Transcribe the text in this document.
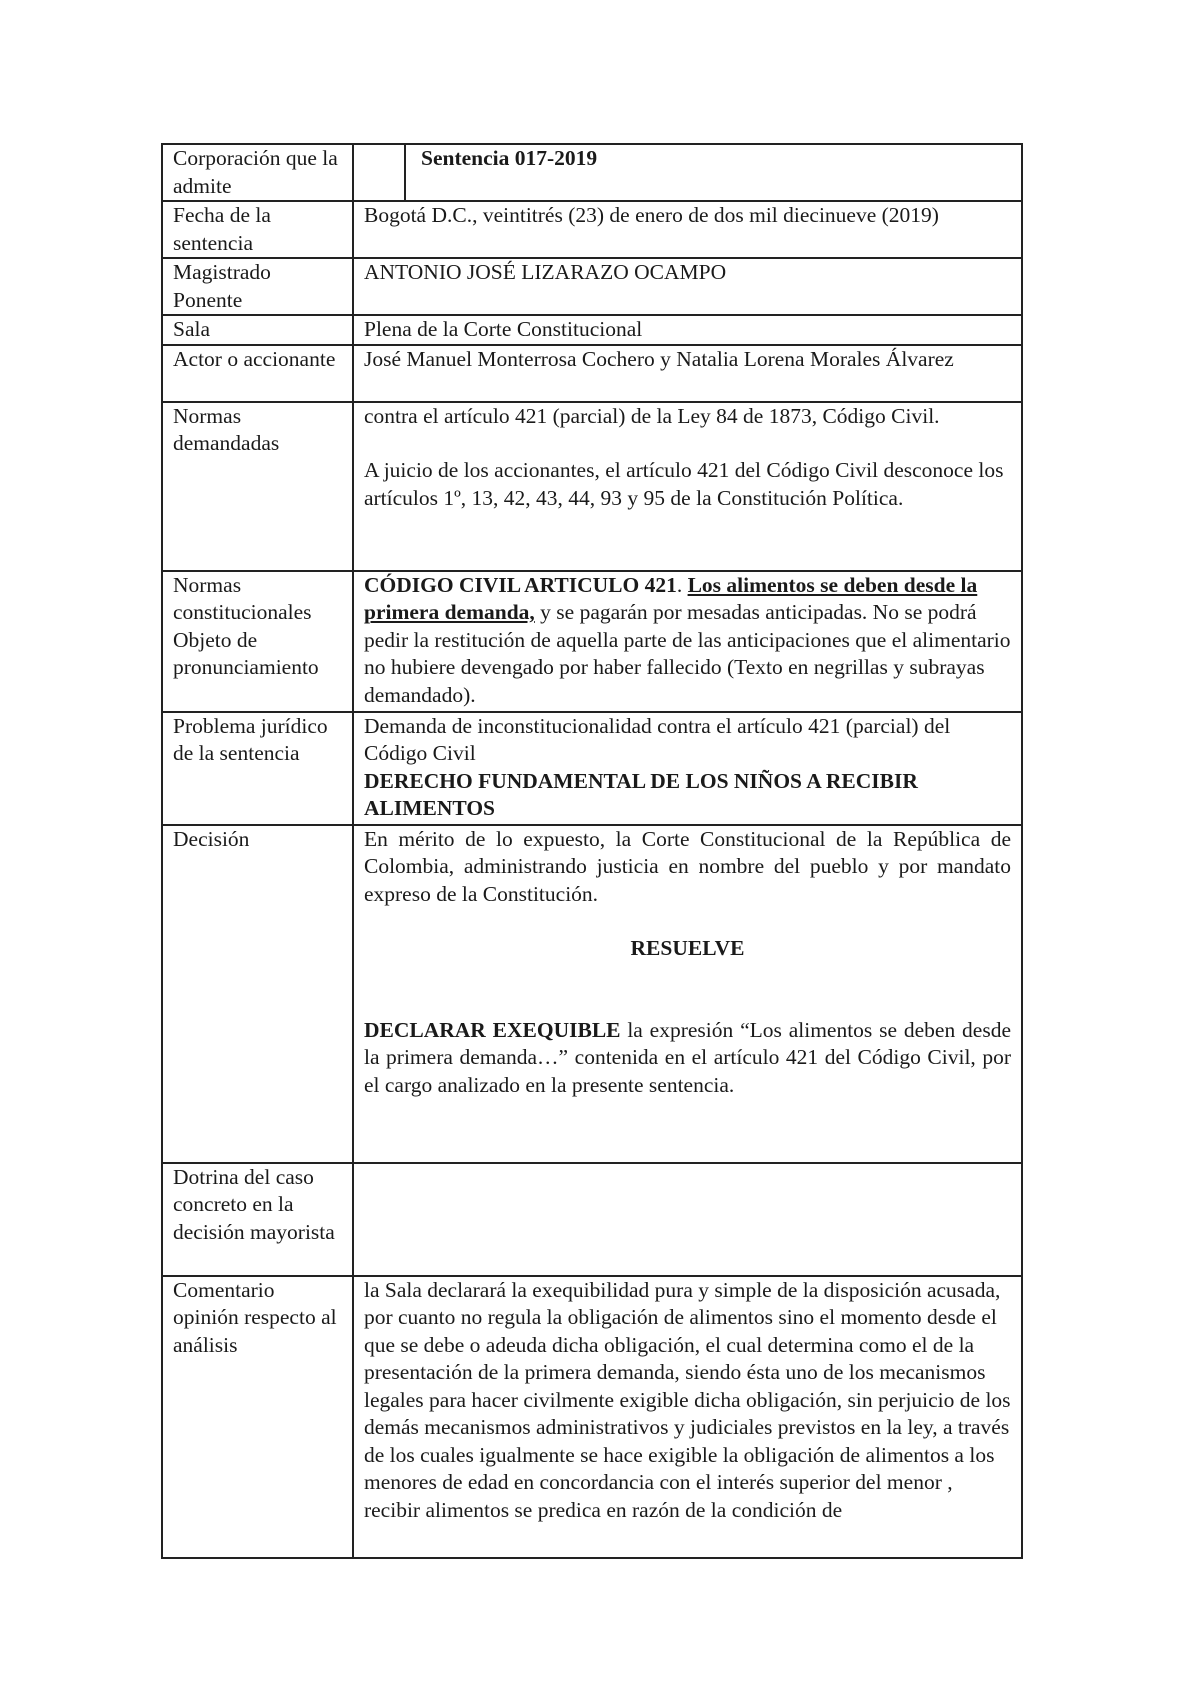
Corporación que la admite	Sentencia 017-2019

Fecha de la sentencia	Bogotá D.C., veintitrés (23) de enero de dos mil diecinueve (2019)
Magistrado Ponente	ANTONIO JOSÉ LIZARAZO OCAMPO
Sala	Plena de la Corte Constitucional
Actor o accionante	José Manuel Monterrosa Cochero y Natalia Lorena Morales Álvarez
Normas demandadas	contra el artículo 421 (parcial) de la Ley 84 de 1873, Código Civil.

A juicio de los accionantes, el artículo 421 del Código Civil desconoce los artículos 1º, 13, 42, 43, 44, 93 y 95 de la Constitución Política.

Normas constitucionales Objeto de pronunciamiento	CÓDIGO CIVIL ARTICULO 421. Los alimentos se deben desde la primera demanda, y se pagarán por mesadas anticipadas. No se podrá pedir la restitución de aquella parte de las anticipaciones que el alimentario no hubiere devengado por haber fallecido (Texto en negrillas y subrayas demandado).
Problema jurídico de la sentencia	Demanda de inconstitucionalidad contra el artículo 421 (parcial) del Código Civil

DERECHO FUNDAMENTAL DE LOS NIÑOS A RECIBIR ALIMENTOS

Decisión	En mérito de lo expuesto, la Corte Constitucional de la República de Colombia, administrando justicia en nombre del pueblo y por mandato expreso de la Constitución.

RESUELVE

DECLARAR EXEQUIBLE la expresión “Los alimentos se deben desde la primera demanda…” contenida en el artículo 421 del Código Civil, por el cargo analizado en la presente sentencia.

Dotrina del caso concreto en la decisión mayorista	
Comentario opinión respecto al análisis	la Sala declarará la exequibilidad pura y simple de la disposición acusada, por cuanto no regula la obligación de alimentos sino el momento desde el que se debe o adeuda dicha obligación, el cual determina como el de la presentación de la primera demanda, siendo ésta uno de los mecanismos legales para hacer civilmente exigible dicha obligación, sin perjuicio de los demás mecanismos administrativos y judiciales previstos en la ley, a través de los cuales igualmente se hace exigible la obligación de alimentos a los menores de edad en concordancia con el interés superior del menor , recibir alimentos se predica en razón de la condición de
